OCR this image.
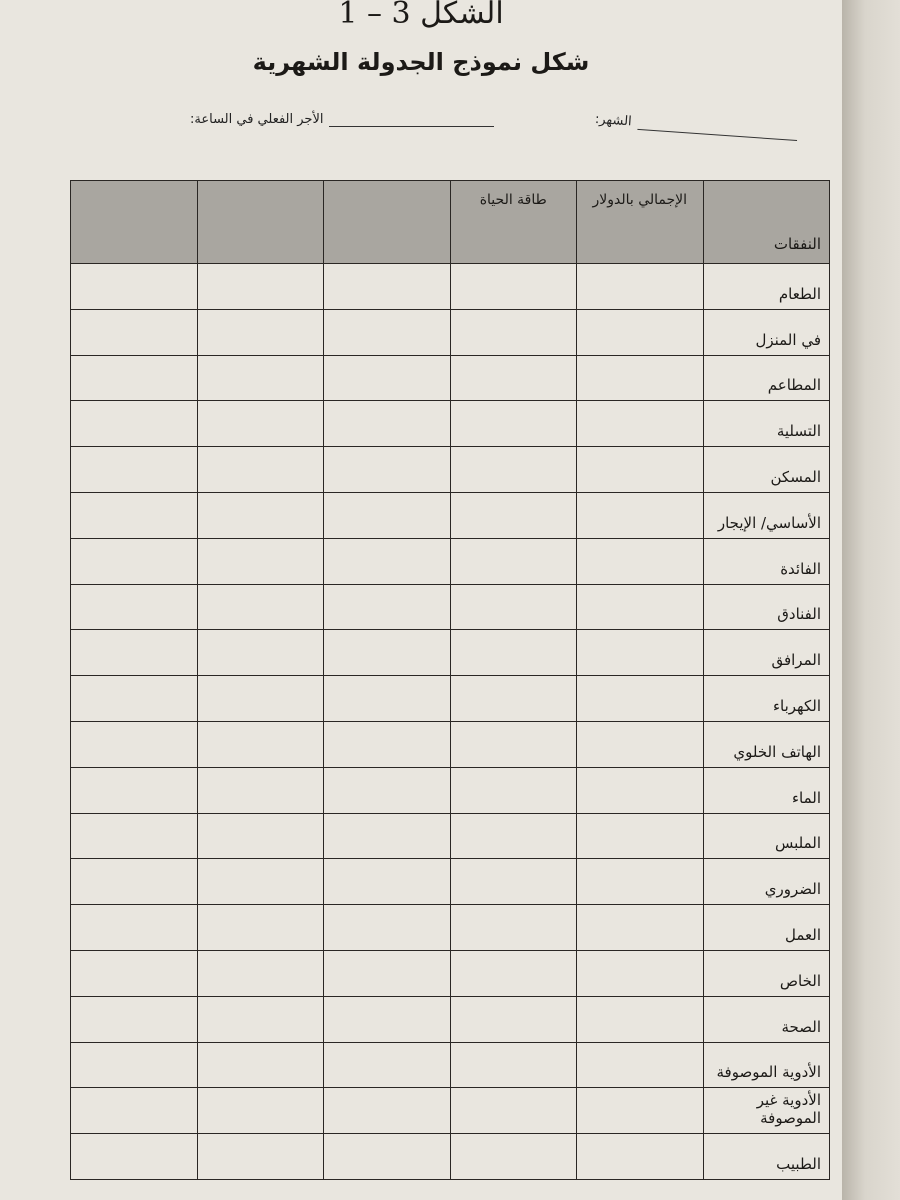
الشكل 3 – 1
شكل نموذج الجدولة الشهرية
الأجر الفعلي في الساعة:	الشهر:
النفقات	الإجمالي بالدولار	طاقة الحياة			
الطعام					
في المنزل					
المطاعم					
التسلية					
المسكن					
الأساسي/ الإيجار					
الفائدة					
الفنادق					
المرافق					
الكهرباء					
الهاتف الخلوي					
الماء					
الملبس					
الضروري					
العمل					
الخاص					
الصحة					
الأدوية الموصوفة					
الأدوية غير الموصوفة					
الطبيب					
